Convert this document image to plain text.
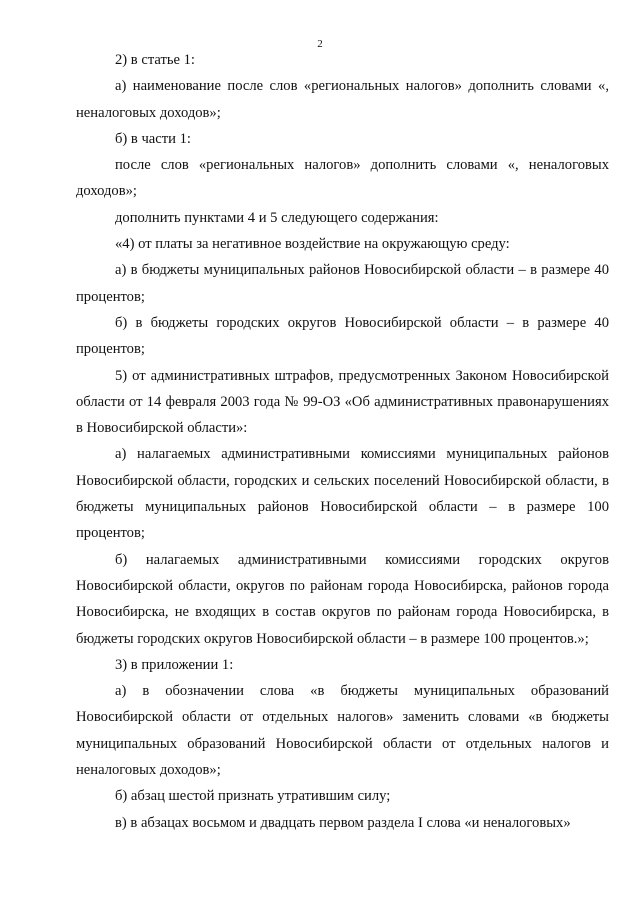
2

2) в статье 1:

а) наименование после слов «региональных налогов» дополнить словами «, неналоговых доходов»;

б) в части 1:

после слов «региональных налогов» дополнить словами «, неналоговых доходов»;

дополнить пунктами 4 и 5 следующего содержания:

«4) от платы за негативное воздействие на окружающую среду:

а) в бюджеты муниципальных районов Новосибирской области – в размере 40 процентов;

б) в бюджеты городских округов Новосибирской области – в размере 40 процентов;

5) от административных штрафов, предусмотренных Законом Новосибирской области от 14 февраля 2003 года № 99-ОЗ «Об административных правонарушениях в Новосибирской области»:

а) налагаемых административными комиссиями муниципальных районов Новосибирской области, городских и сельских поселений Новосибирской области, в бюджеты муниципальных районов Новосибирской области – в размере 100 процентов;

б) налагаемых административными комиссиями городских округов Новосибирской области, округов по районам города Новосибирска, районов города Новосибирска, не входящих в состав округов по районам города Новосибирска, в бюджеты городских округов Новосибирской области – в размере 100 процентов.»;

3) в приложении 1:

а) в обозначении слова «в бюджеты муниципальных образований Новосибирской области от отдельных налогов» заменить словами «в бюджеты муниципальных образований Новосибирской области от отдельных налогов и неналоговых доходов»;

б) абзац шестой признать утратившим силу;

в) в абзацах восьмом и двадцать первом раздела I слова «и неналоговых»
